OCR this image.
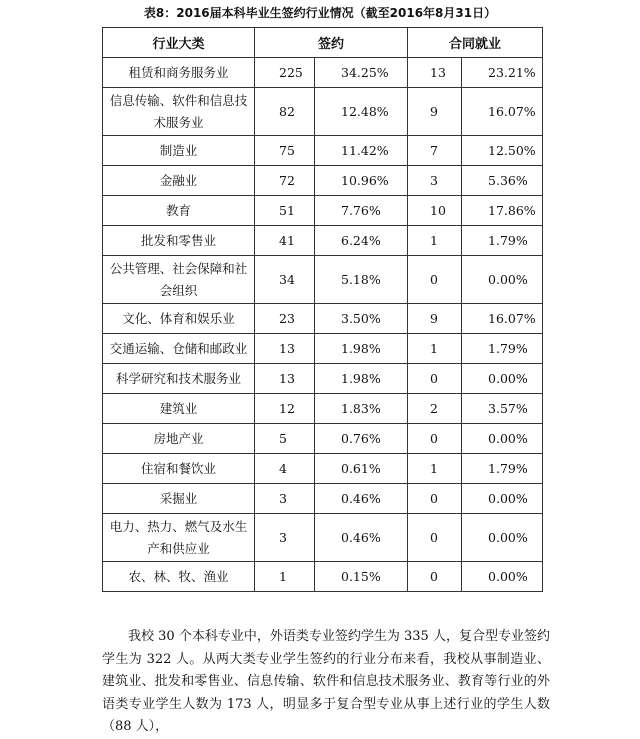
表8：2016届本科毕业生签约行业情况（截至2016年8月31日）
行业大类	签约		合同就业	
租赁和商务服务业	225	34.25%	13	23.21%
信息传输、软件和信息技术服务业	82	12.48%	9	16.07%
制造业	75	11.42%	7	12.50%
金融业	72	10.96%	3	5.36%
教育	51	7.76%	10	17.86%
批发和零售业	41	6.24%	1	1.79%
公共管理、社会保障和社会组织	34	5.18%	0	0.00%
文化、体育和娱乐业	23	3.50%	9	16.07%
交通运输、仓储和邮政业	13	1.98%	1	1.79%
科学研究和技术服务业	13	1.98%	0	0.00%
建筑业	12	1.83%	2	3.57%
房地产业	5	0.76%	0	0.00%
住宿和餐饮业	4	0.61%	1	1.79%
采掘业	3	0.46%	0	0.00%
电力、热力、燃气及水生产和供应业	3	0.46%	0	0.00%
农、林、牧、渔业	1	0.15%	0	0.00%
我校 30 个本科专业中，外语类专业签约学生为 335 人，复合型专业签约学生为 322 人。从两大类专业学生签约的行业分布来看，我校从事制造业、建筑业、批发和零售业、信息传输、软件和信息技术服务业、教育等行业的外语类专业学生人数为 173 人，明显多于复合型专业从事上述行业的学生人数（88 人），
